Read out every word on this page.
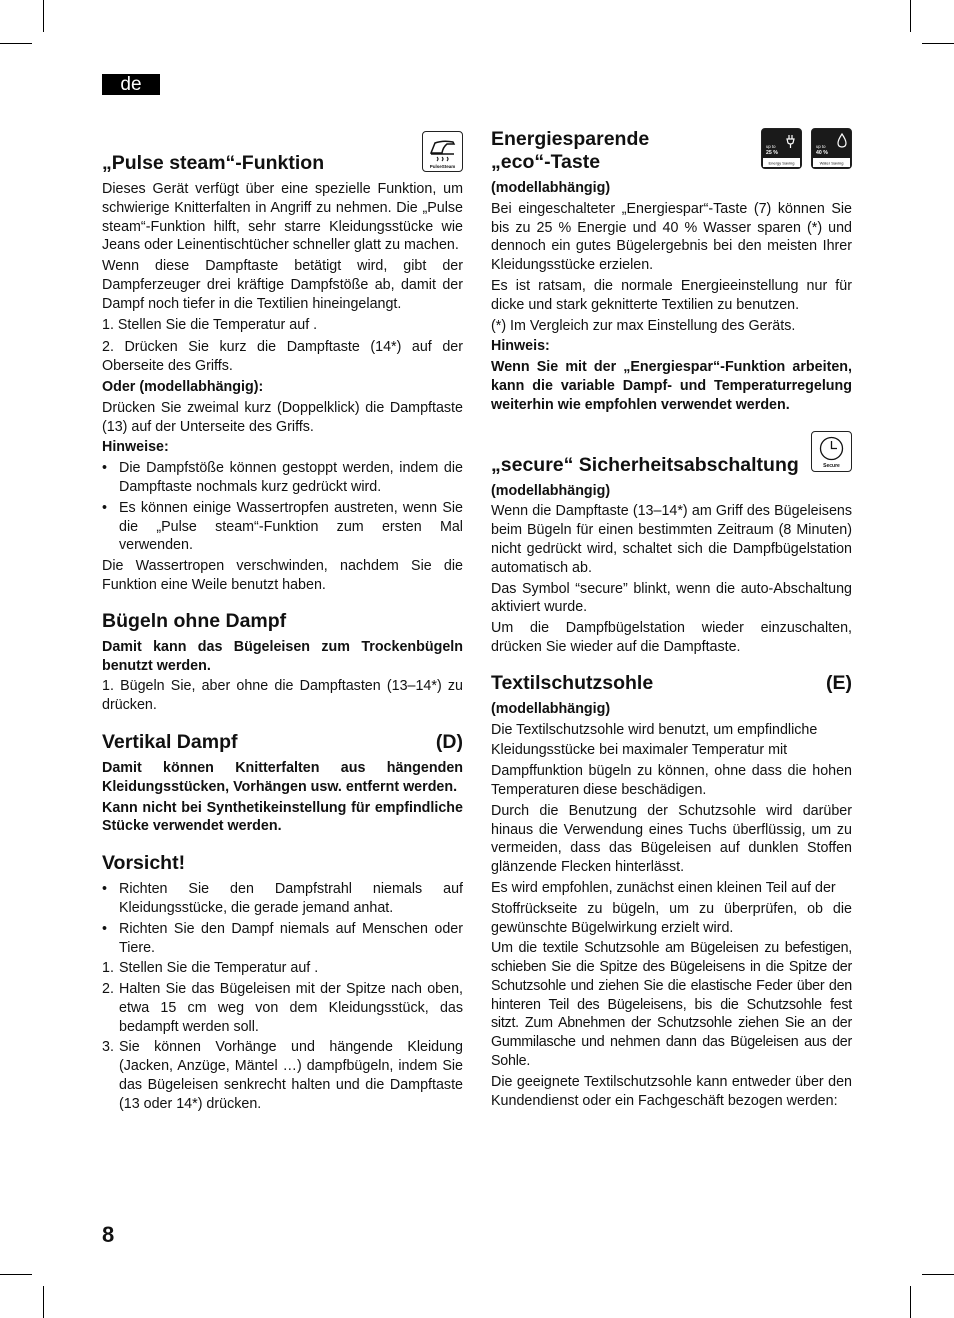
de
PulseSteam
„Pulse steam“-Funktion

Dieses Gerät verfügt über eine spezielle Funktion, um schwierige Knitterfalten in Angriff zu nehmen. Die „Pulse steam“-Funktion hilft, sehr starre Kleidungsstücke wie Jeans oder Leinentischtücher schneller glatt zu machen.

Wenn diese Dampftaste betätigt wird, gibt der Dampferzeuger drei kräftige Dampfstöße ab, damit der Dampf noch tiefer in die Textilien hineingelangt.

1. Stellen Sie die Temperatur auf .

2. Drücken Sie kurz die Dampftaste (14*) auf der Oberseite des Griffs.

Oder (modellabhängig):

Drücken Sie zweimal kurz (Doppelklick) die Dampftaste (13) auf der Unterseite des Griffs.

Hinweise:

• Die Dampfstöße können gestoppt werden, indem die Dampftaste nochmals kurz gedrückt wird.
• Es können einige Wassertropfen austreten, wenn Sie die „Pulse steam“-Funktion zum ersten Mal verwenden.

Die Wassertropen verschwinden, nachdem Sie die Funktion eine Weile benutzt haben.

Bügeln ohne Dampf

Damit kann das Bügeleisen zum Trockenbügeln benutzt werden.

1. Bügeln Sie, aber ohne die Dampftasten (13–14*) zu drücken.

Vertikal Dampf	(D)

Damit können Knitterfalten aus hängenden Kleidungsstücken, Vorhängen usw. entfernt werden.

Kann nicht bei Synthetikeinstellung für empfindliche Stücke verwendet werden.

Vorsicht!
• Richten Sie den Dampfstrahl niemals auf Kleidungsstücke, die gerade jemand anhat.
• Richten Sie den Dampf niemals auf Menschen oder Tiere.
1. Stellen Sie die Temperatur auf .
2. Halten Sie das Bügeleisen mit der Spitze nach oben, etwa 15 cm weg von dem Kleidungsstück, das bedampft werden soll.
3. Sie können Vorhänge und hängende Kleidung (Jacken, Anzüge, Mäntel …) dampfbügeln, indem Sie das Bügeleisen senkrecht halten und die Dampftaste (13 oder 14*) drücken.
up to
25 %
Energy Saving
up to
40 %
Water Saving
Energiesparende
„eco“-Taste

(modellabhängig)

Bei eingeschalteter „Energiespar“-Taste (7) können Sie bis zu 25 % Energie und 40 % Wasser sparen (*) und dennoch ein gutes Bügelergebnis bei den meisten Ihrer Kleidungsstücke erzielen.

Es ist ratsam, die normale Energieeinstellung nur für dicke und stark geknitterte Textilien zu benutzen.

(*) Im Vergleich zur max Einstellung des Geräts.

Hinweis:

Wenn Sie mit der „Energiespar“-Funktion arbeiten, kann die variable Dampf- und Temperaturregelung weiterhin wie empfohlen verwendet werden.

Secure
„secure“ Sicherheitsabschaltung

(modellabhängig)

Wenn die Dampftaste (13–14*) am Griff des Bügeleisens beim Bügeln für einen bestimmten Zeitraum (8 Minuten) nicht gedrückt wird, schaltet sich die Dampfbügelstation automatisch ab.

Das Symbol “secure” blinkt, wenn die auto-Abschaltung aktiviert wurde.

Um die Dampfbügelstation wieder einzuschalten, drücken Sie wieder auf die Dampftaste.

Textilschutzsohle	(E)

(modellabhängig)

Die Textilschutzsohle wird benutzt, um empfindliche

Kleidungsstücke bei maximaler Temperatur mit

Dampffunktion bügeln zu können, ohne dass die hohen Temperaturen diese beschädigen.

Durch die Benutzung der Schutzsohle wird darüber hinaus die Verwendung eines Tuchs überflüssig, um zu vermeiden, dass das Bügeleisen auf dunklen Stoffen glänzende Flecken hinterlässt.

Es wird empfohlen, zunächst einen kleinen Teil auf der

Stoffrückseite zu bügeln, um zu überprüfen, ob die gewünschte Bügelwirkung erzielt wird.

Um die textile Schutzsohle am Bügeleisen zu befestigen, schieben Sie die Spitze des Bügeleisens in die Spitze der Schutzsohle und ziehen Sie die elastische Feder über den hinteren Teil des Bügeleisens, bis die Schutzsohle fest sitzt. Zum Abnehmen der Schutzsohle ziehen Sie an der Gummilasche und nehmen dann das Bügeleisen aus der Sohle.

Die geeignete Textilschutzsohle kann entweder über den Kundendienst oder ein Fachgeschäft bezogen werden:

8
